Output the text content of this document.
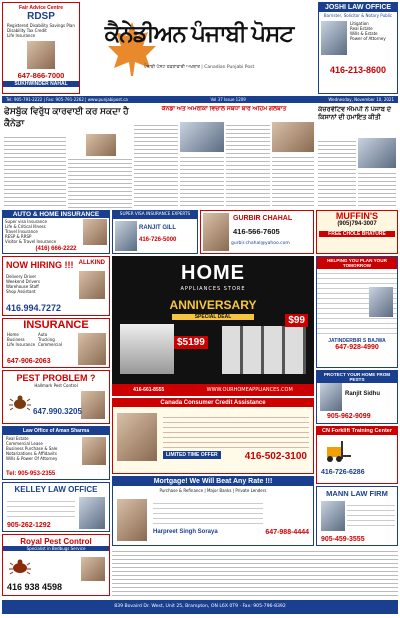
Fair Advice Centre
RDSP
Registered Disability Savings Plan
Disability Tax Credit
Life Insurance
647-866-7000
SUKHWINDER NAHAL
ਕੈਨੇਡੀਅਨ ਪੰਜਾਬੀ ਪੋਸਟ
ਪੰਜਾਬੀ ਪੋਸਟ ਹਫ਼ਤਾਵਾਰੀ ਅਖ਼ਬਾਰ | Canadian Punjabi Post
JOSHI LAW OFFICE
Barrister, Solicitor & Notary Public
Litigation
Real Estate
Wills & Estate
Power of Attorney
416-213-8600
Tel: 905-791-2222 | Fax: 905-791-2262 | www.punjabipost.ca	Vol 37 Issue 1209	Wednesday, November 10, 2021
ਫੇਸਬੁੱਕ ਵਿਰੁੱਧ ਕਾਰਵਾਈ ਕਰ ਸਕਦਾ ਹੈ ਕੈਨੇਡਾ
ਕੈਨੇਡਾ ਅਤੇ ਅਮਰੀਕਾ ਵਿਚਾਲੇ ਸਬੰਧਾਂ ਬਾਰੇ ਅਹਿਮ ਗੱਲਬਾਤ	ਕੰਜ਼ਰਵੇਟਿਵ ਐਮਪੀ ਨੇ ਪੰਜਾਬ ਦੇ ਕਿਸਾਨਾਂ ਦੀ ਹਮਾਇਤ ਕੀਤੀ
AUTO & HOME INSURANCE
Super visa Insurance
Life & Critical Illness
Travel Insurance
RESP & RRSP
Visitor & Travel Insurance
(416) 666-2222
SUPER VISA INSURANCE EXPERTS
RANJIT GILL
416-726-5000
GURBIR CHAHAL
416-566-7605
gurbir.chahal@yahoo.com
MUFFIN'S
(905)794-3007
FREE CHOLE BHATURE
NOW HIRING !!! ALLKIND
Delivery Driver
Weekend Drivers
Warehouse Staff
Shop Assistant
416.994.7272
HOME
APPLIANCES STORE
ANNIVERSARY
SPECIAL DEAL
$5199
$99
416-661-8555	WWW.OURHOMEAPPLIANCES.COM
INSURANCE
Home	Auto
Business	Trucking
Life Insurance Commercial
647-906-2063
HELPING YOU PLAN YOUR TOMORROW
JATINDERBIR S BAJWA
647-928-4990
PEST PROBLEM ?
Hallmark Pest Control
647.990.3205
PROTECT YOUR HOME FROM PESTS
Ranjit Sidhu
905-962-9099
Law Office of Aman Sharma
Real Estate
Commercial Lease
Business Purchase & Sale
Notarizations & Affidavits
Wills & Power Of Attorney
Tel: 905-953-2355
Canada Consumer Credit Assistance
LIMITED TIME OFFER	416-502-3100
CN Forklift Training Center
416-726-6286
KELLEY LAW OFFICE
905-262-1292
Mortgage! We Will Beat Any Rate !!!
Purchase & Refinance | Major Banks | Private Lenders
Harpreet Singh Soraya	647-988-4444
MANN LAW FIRM
905-459-3555
Royal Pest Control
Specialist in Bedbugs Service
416 938 4598
839 Bovaird Dr. West, Unit 25, Brampton, ON L6X 0T9 · Fax: 905-796-8392
